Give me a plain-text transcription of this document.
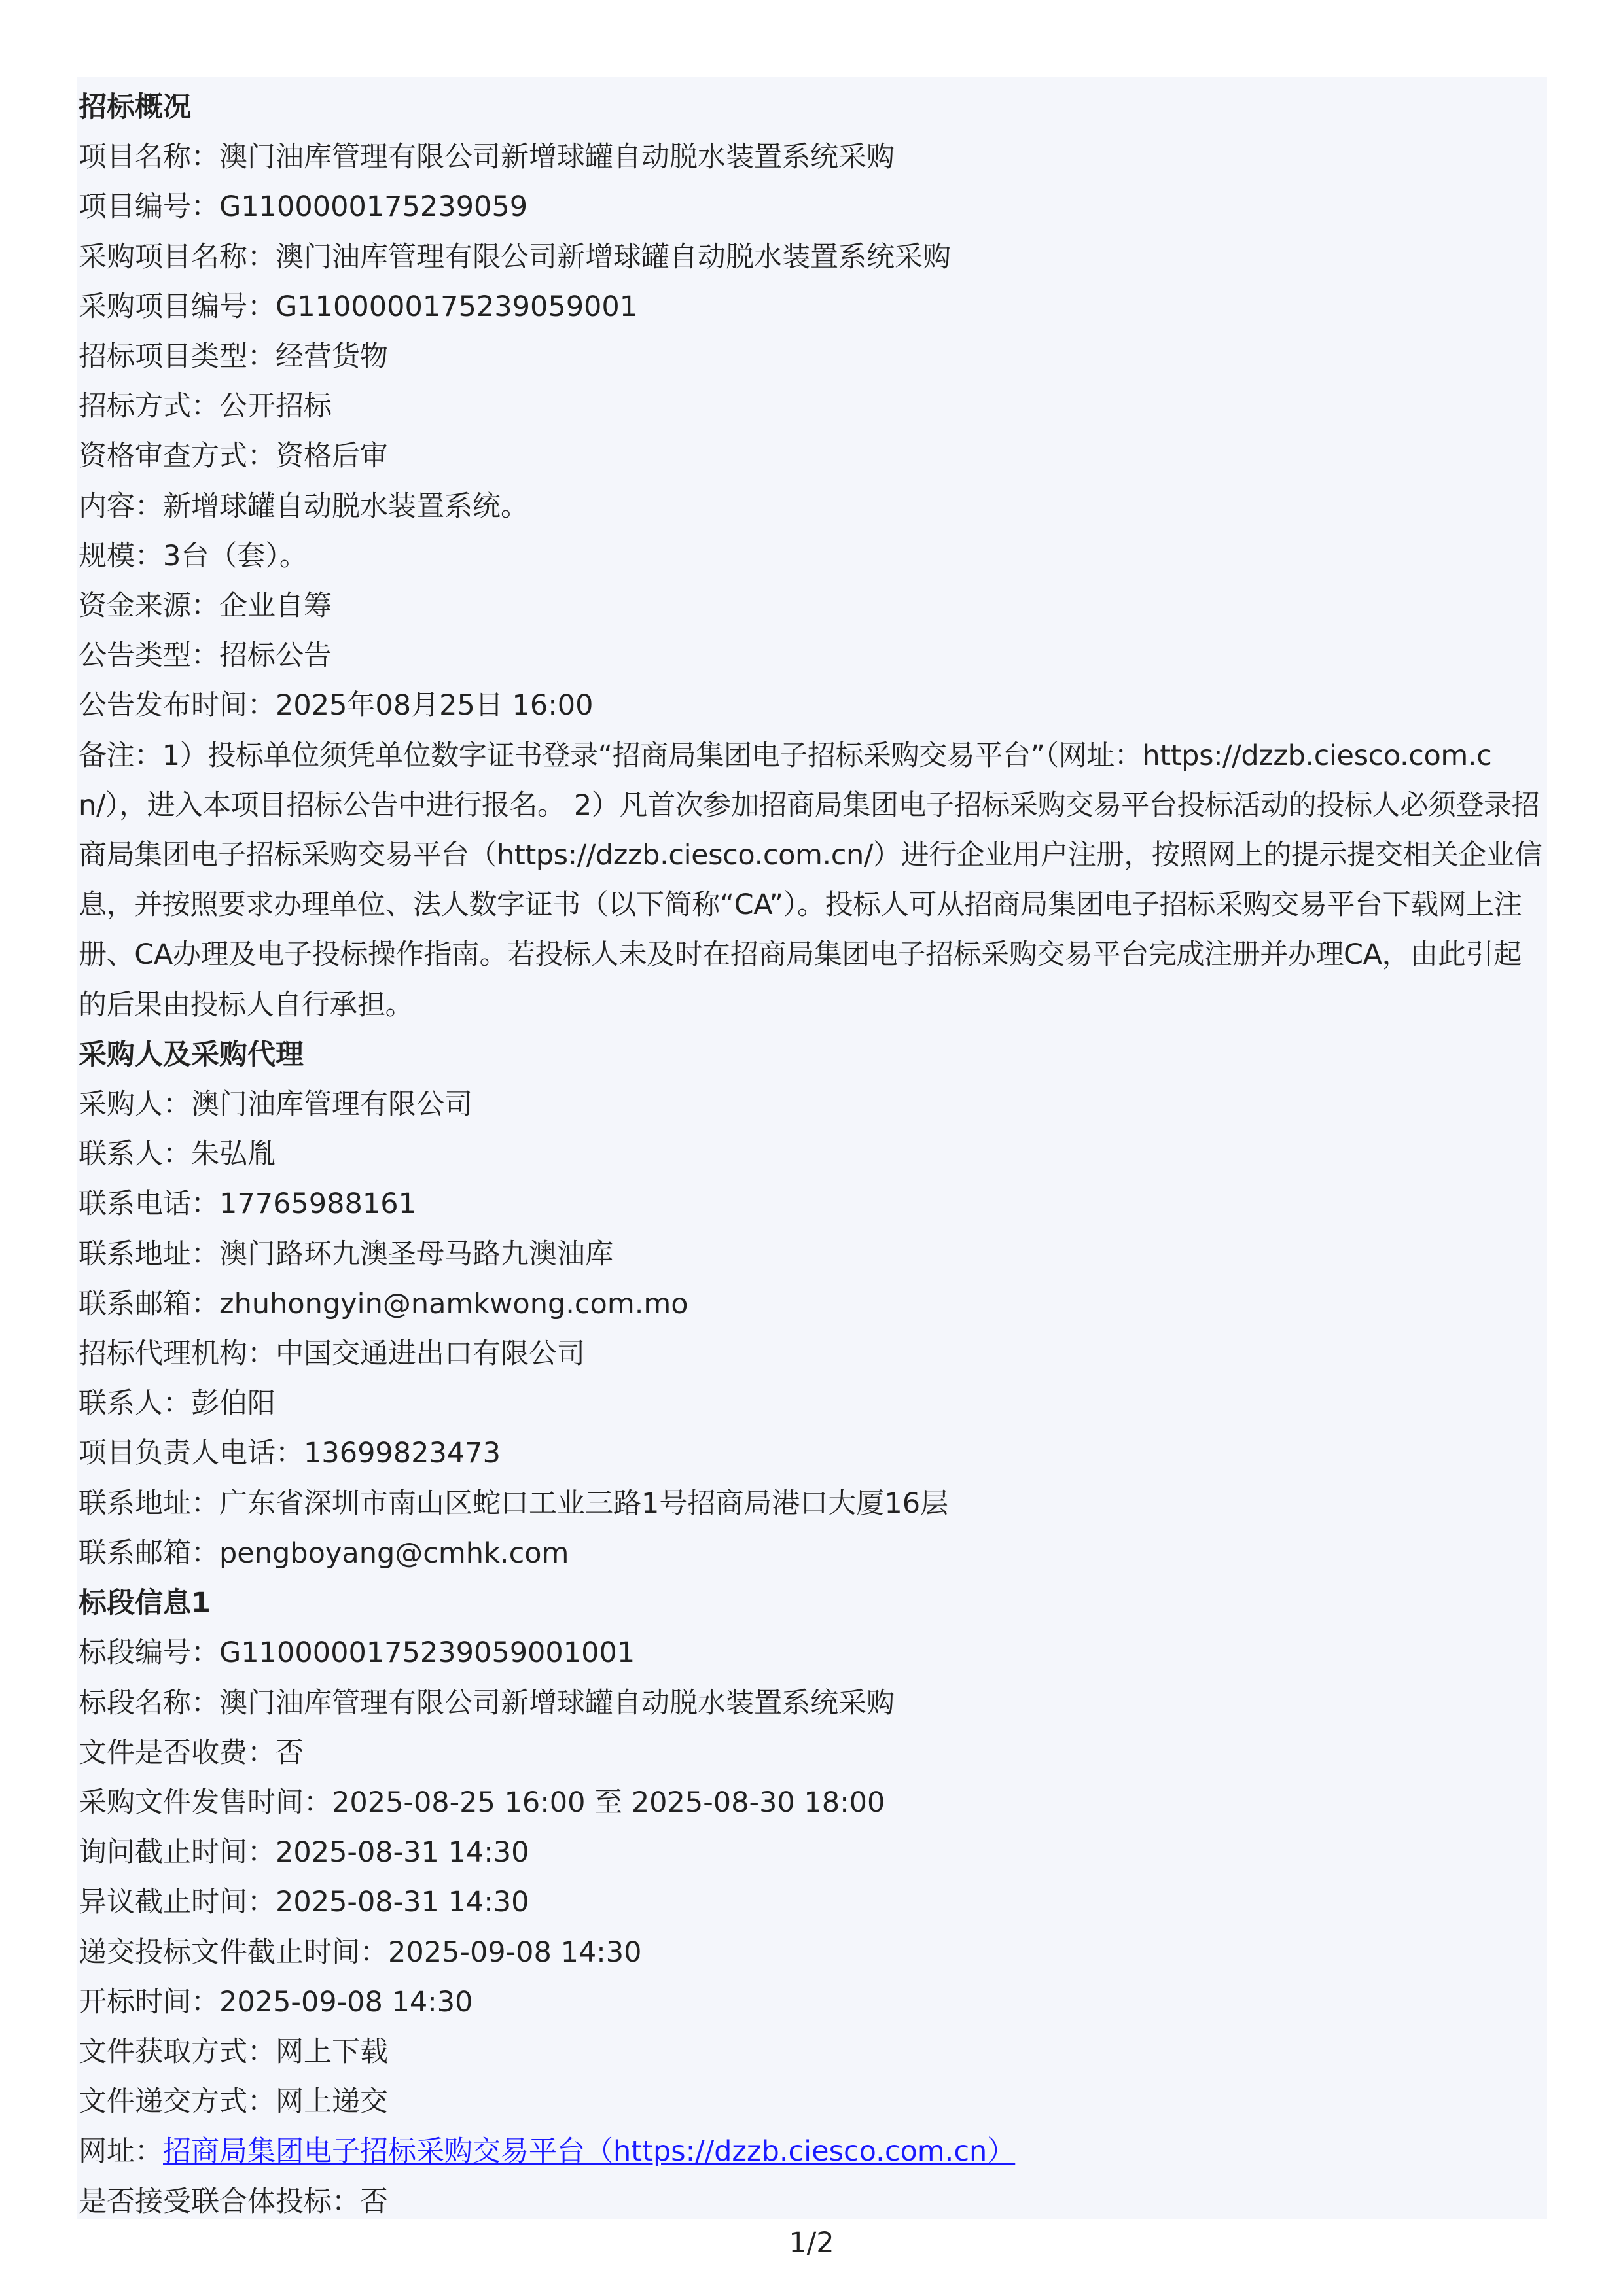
招标概况

项目名称：澳门油库管理有限公司新增球罐自动脱水装置系统采购

项目编号：G1100000175239059

采购项目名称：澳门油库管理有限公司新增球罐自动脱水装置系统采购

采购项目编号：G1100000175239059001

招标项目类型：经营货物

招标方式：公开招标

资格审查方式：资格后审

内容：新增球罐自动脱水装置系统。

规模：3台（套）。

资金来源：企业自筹

公告类型：招标公告

公告发布时间：2025年08月25日 16:00

备注：1）投标单位须凭单位数字证书登录“招商局集团电子招标采购交易平台”（网址：https://dzzb.ciesco.com.cn/），进入本项目招标公告中进行报名。 2）凡首次参加招商局集团电子招标采购交易平台投标活动的投标人必须登录招商局集团电子招标采购交易平台（https://dzzb.ciesco.com.cn/）进行企业用户注册，按照网上的提示提交相关企业信息，并按照要求办理单位、法人数字证书（以下简称“CA”）。投标人可从招商局集团电子招标采购交易平台下载网上注册、CA办理及电子投标操作指南。若投标人未及时在招商局集团电子招标采购交易平台完成注册并办理CA，由此引起的后果由投标人自行承担。

采购人及采购代理

采购人：澳门油库管理有限公司

联系人：朱弘胤

联系电话：17765988161

联系地址：澳门路环九澳圣母马路九澳油库

联系邮箱：zhuhongyin@namkwong.com.mo

招标代理机构：中国交通进出口有限公司

联系人：彭伯阳

项目负责人电话：13699823473

联系地址：广东省深圳市南山区蛇口工业三路1号招商局港口大厦16层

联系邮箱：pengboyang@cmhk.com

标段信息1

标段编号：G1100000175239059001001

标段名称：澳门油库管理有限公司新增球罐自动脱水装置系统采购

文件是否收费：否

采购文件发售时间：2025-08-25 16:00 至 2025-08-30 18:00

询问截止时间：2025-08-31 14:30

异议截止时间：2025-08-31 14:30

递交投标文件截止时间：2025-09-08 14:30

开标时间：2025-09-08 14:30

文件获取方式：网上下载

文件递交方式：网上递交

网址：招商局集团电子招标采购交易平台（https://dzzb.ciesco.com.cn）

是否接受联合体投标：否

1/2
